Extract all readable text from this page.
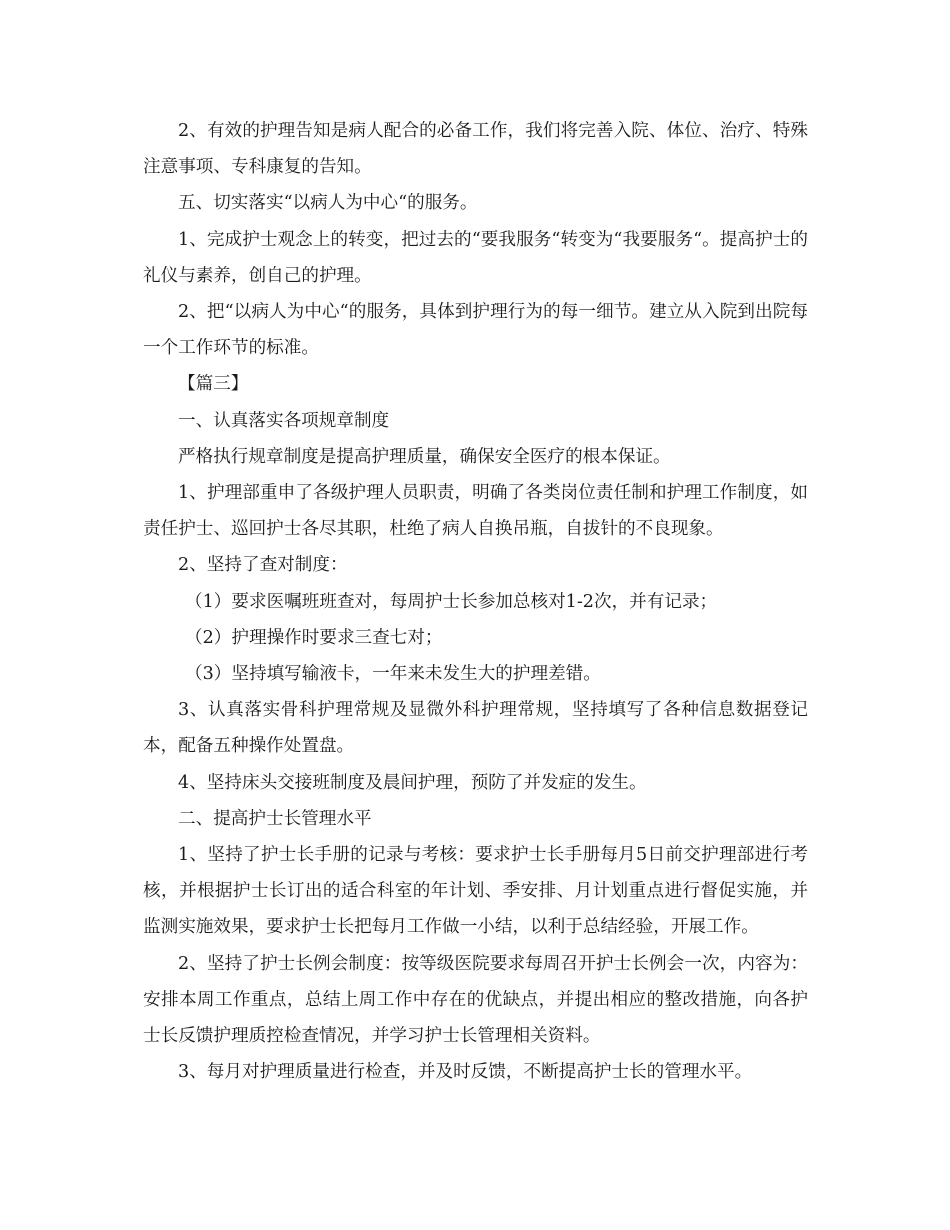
2、有效的护理告知是病人配合的必备工作，我们将完善入院、体位、治疗、特殊注意事项、专科康复的告知。

五、切实落实“以病人为中心“的服务。

1、完成护士观念上的转变，把过去的“要我服务“转变为“我要服务“。提高护士的礼仪与素养，创自己的护理。

2、把“以病人为中心“的服务，具体到护理行为的每一细节。建立从入院到出院每一个工作环节的标准。

【篇三】

一、认真落实各项规章制度

严格执行规章制度是提高护理质量，确保安全医疗的根本保证。

1、护理部重申了各级护理人员职责，明确了各类岗位责任制和护理工作制度，如责任护士、巡回护士各尽其职，杜绝了病人自换吊瓶，自拔针的不良现象。

2、坚持了查对制度：

（1）要求医嘱班班查对，每周护士长参加总核对1-2次，并有记录；

（2）护理操作时要求三查七对；

（3）坚持填写输液卡，一年来未发生大的护理差错。

3、认真落实骨科护理常规及显微外科护理常规，坚持填写了各种信息数据登记本，配备五种操作处置盘。

4、坚持床头交接班制度及晨间护理，预防了并发症的发生。

二、提高护士长管理水平

1、坚持了护士长手册的记录与考核：要求护士长手册每月5日前交护理部进行考核，并根据护士长订出的适合科室的年计划、季安排、月计划重点进行督促实施，并监测实施效果，要求护士长把每月工作做一小结，以利于总结经验，开展工作。

2、坚持了护士长例会制度：按等级医院要求每周召开护士长例会一次，内容为：安排本周工作重点，总结上周工作中存在的优缺点，并提出相应的整改措施，向各护士长反馈护理质控检查情况，并学习护士长管理相关资料。

3、每月对护理质量进行检查，并及时反馈，不断提高护士长的管理水平。
